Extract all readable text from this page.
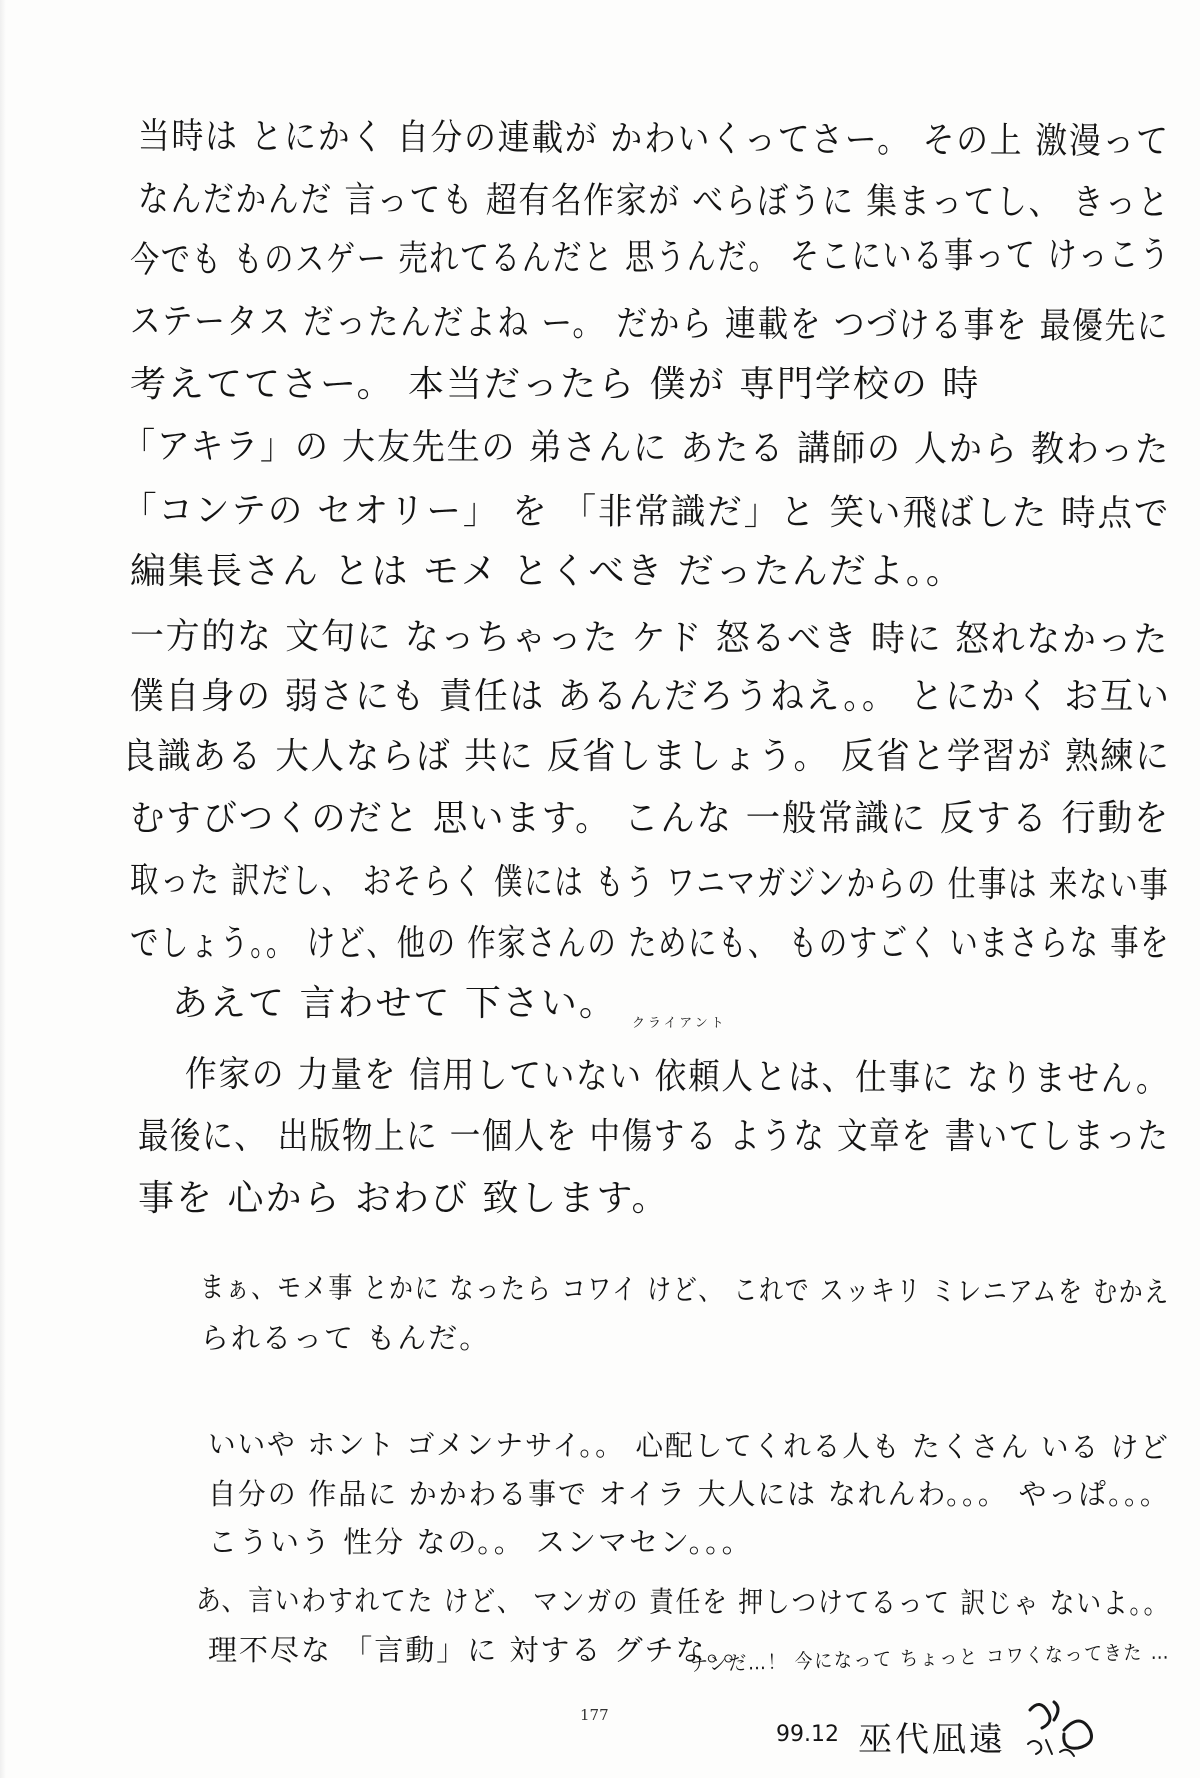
当時は とにかく 自分の連載が かわいくってさー。 その上 激漫って
なんだかんだ 言っても 超有名作家が べらぼうに 集まってし、 きっと
今でも ものスゲー 売れてるんだと 思うんだ。 そこにいる事って けっこう
ステータス だったんだよね ー。 だから 連載を つづける事を 最優先に
考えててさー。 本当だったら 僕が 専門学校の 時
「アキラ」の 大友先生の 弟さんに あたる 講師の 人から 教わった
「コンテの セオリー」 を 「非常識だ」と 笑い飛ばした 時点で
編集長さん とは モメ とくべき だったんだよ。。
一方的な 文句に なっちゃった ケド 怒るべき 時に 怒れなかった
僕自身の 弱さにも 責任は あるんだろうねえ。。 とにかく お互い
良識ある 大人ならば 共に 反省しましょう。 反省と学習が 熟練に
むすびつくのだと 思います。 こんな 一般常識に 反する 行動を
取った 訳だし、 おそらく 僕には もう ワニマガジンからの 仕事は 来ない事
でしょう。。 けど、他の 作家さんの ためにも、 ものすごく いまさらな 事を
あえて 言わせて 下さい。 クライアント
作家の 力量を 信用していない 依頼人とは、仕事に なりません。
最後に、 出版物上に 一個人を 中傷する ような 文章を 書いてしまった
事を 心から おわび 致します。
まぁ、モメ事 とかに なったら コワイ けど、 これで スッキリ ミレニアムを むかえ
られるって もんだ。
いいや ホント ゴメンナサイ。。 心配してくれる人も たくさん いる けど
自分の 作品に かかわる事で オイラ 大人には なれんわ。。。 やっぱ。。。
こういう 性分 なの。。 スンマセン。。。
あ、言いわすれてた けど、 マンガの 責任を 押しつけてるって 訳じゃ ないよ。。
理不尽な 「言動」に 対する グチな。。
99.12 巫代凪遠
ナンだ…！ 今になって ちょっと コワくなってきた …
177
